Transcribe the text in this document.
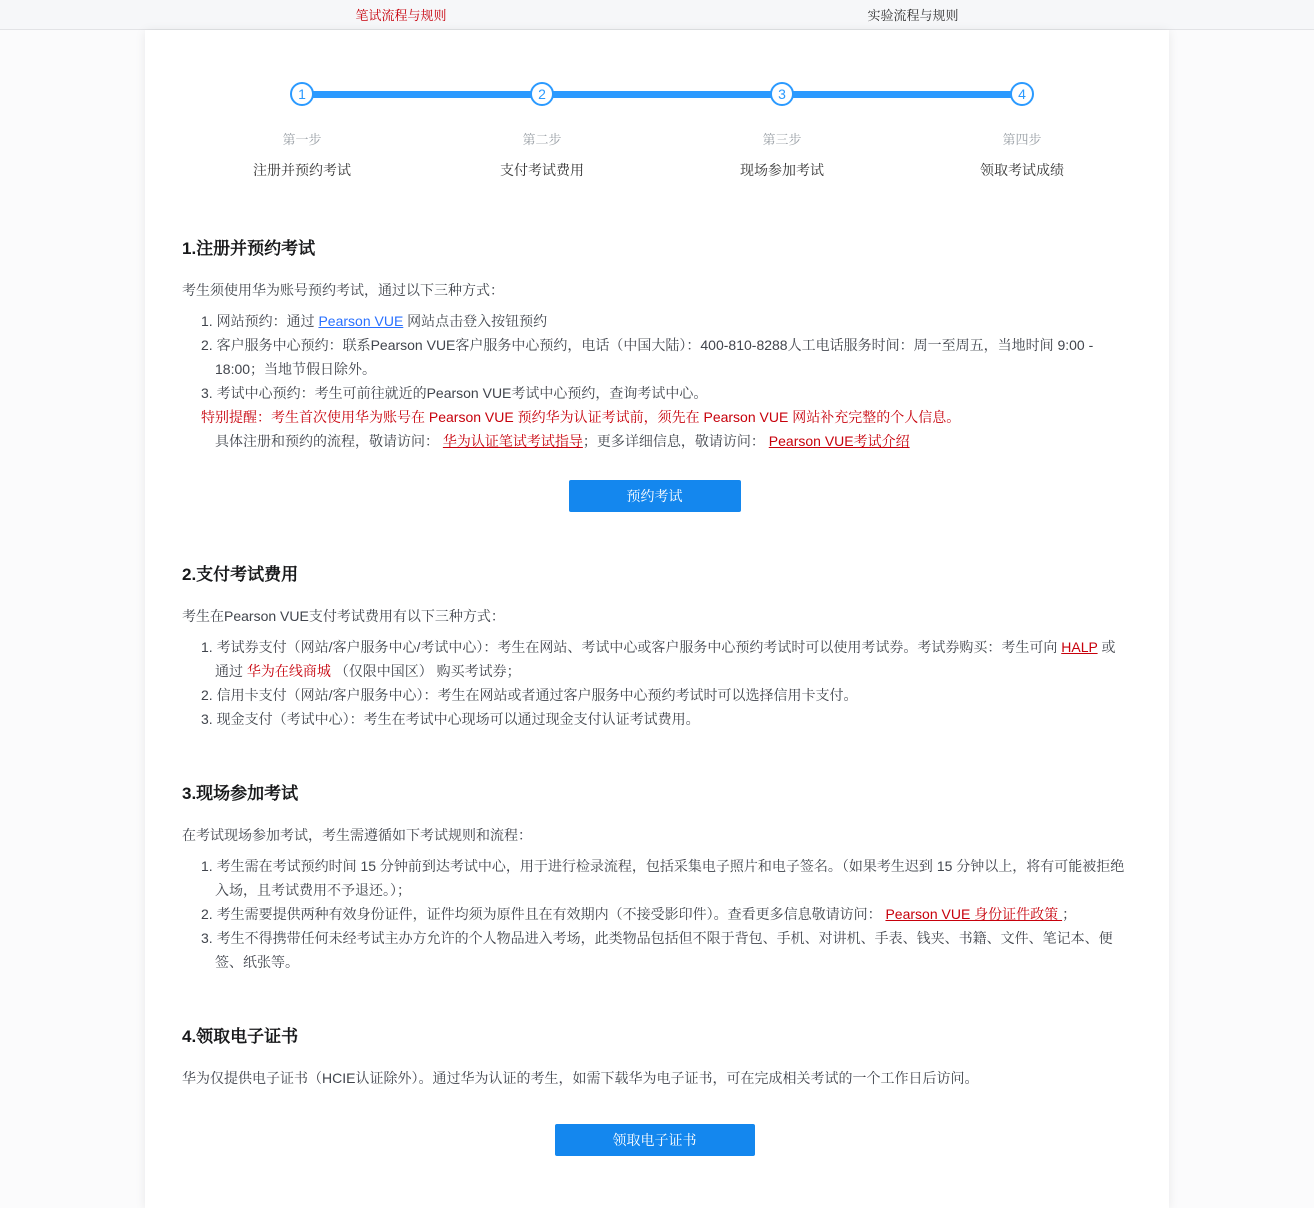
笔试流程与规则	实验流程与规则
1
第一步
注册并预约考试
2
第二步
支付考试费用
3
第三步
现场参加考试
4
第四步
领取考试成绩
1.注册并预约考试

考生须使用华为账号预约考试，通过以下三种方式：

网站预约：通过 Pearson VUE 网站点击登入按钮预约
客户服务中心预约：联系Pearson VUE客户服务中心预约，电话（中国大陆）：400-810-8288人工电话服务时间：周一至周五，当地时间 9:00 - 18:00；当地节假日除外。
考试中心预约：考生可前往就近的Pearson VUE考试中心预约，查询考试中心。
特别提醒：考生首次使用华为账号在 Pearson VUE 预约华为认证考试前，须先在 Pearson VUE 网站补充完整的个人信息。
具体注册和预约的流程，敬请访问： 华为认证笔试考试指导；更多详细信息，敬请访问： Pearson VUE考试介绍
预约考试
2.支付考试费用

考生在Pearson VUE支付考试费用有以下三种方式：

考试券支付（网站/客户服务中心/考试中心）：考生在网站、考试中心或客户服务中心预约考试时可以使用考试券。考试券购买：考生可向 HALP 或通过 华为在线商城 （仅限中国区） 购买考试券；
信用卡支付（网站/客户服务中心）：考生在网站或者通过客户服务中心预约考试时可以选择信用卡支付。
现金支付（考试中心）：考生在考试中心现场可以通过现金支付认证考试费用。
3.现场参加考试

在考试现场参加考试，考生需遵循如下考试规则和流程：

考生需在考试预约时间 15 分钟前到达考试中心，用于进行检录流程，包括采集电子照片和电子签名。（如果考生迟到 15 分钟以上，将有可能被拒绝入场，且考试费用不予退还。）；
考生需要提供两种有效身份证件，证件均须为原件且在有效期内（不接受影印件）。查看更多信息敬请访问： Pearson VUE 身份证件政策 ；
考生不得携带任何未经考试主办方允许的个人物品进入考场，此类物品包括但不限于背包、手机、对讲机、手表、钱夹、书籍、文件、笔记本、便签、纸张等。
4.领取电子证书

华为仅提供电子证书（HCIE认证除外）。通过华为认证的考生，如需下载华为电子证书，可在完成相关考试的一个工作日后访问。

领取电子证书
